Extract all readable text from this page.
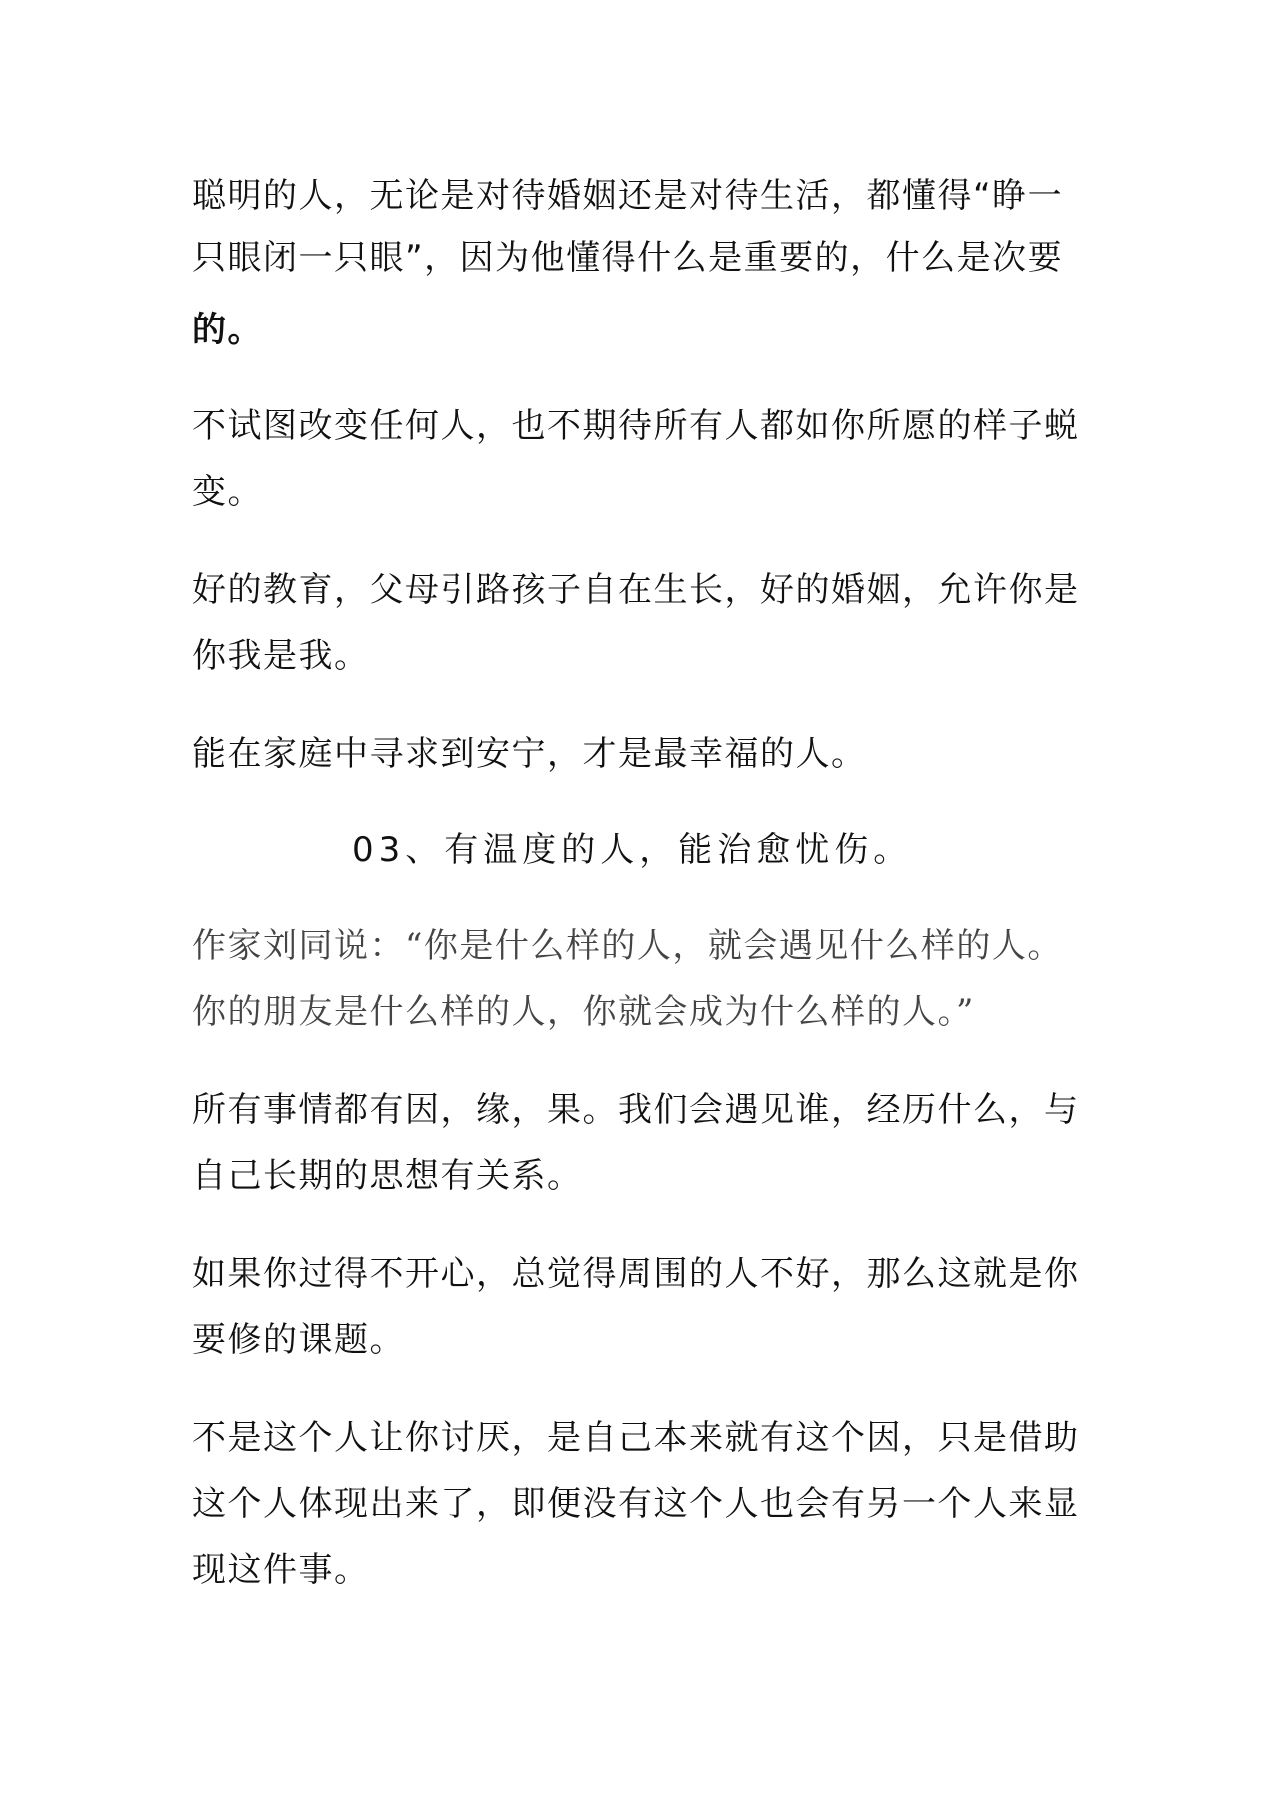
聪明的人，无论是对待婚姻还是对待生活，都懂得“睁一
只眼闭一只眼”，因为他懂得什么是重要的，什么是次要
的。
不试图改变任何人，也不期待所有人都如你所愿的样子蜕
变。
好的教育，父母引路孩子自在生长，好的婚姻，允许你是
你我是我。
能在家庭中寻求到安宁，才是最幸福的人。
03、有温度的人，能治愈忧伤。
作家刘同说：“你是什么样的人，就会遇见什么样的人。
你的朋友是什么样的人，你就会成为什么样的人。”
所有事情都有因，缘，果。我们会遇见谁，经历什么，与
自己长期的思想有关系。
如果你过得不开心，总觉得周围的人不好，那么这就是你
要修的课题。
不是这个人让你讨厌，是自己本来就有这个因，只是借助
这个人体现出来了，即便没有这个人也会有另一个人来显
现这件事。
